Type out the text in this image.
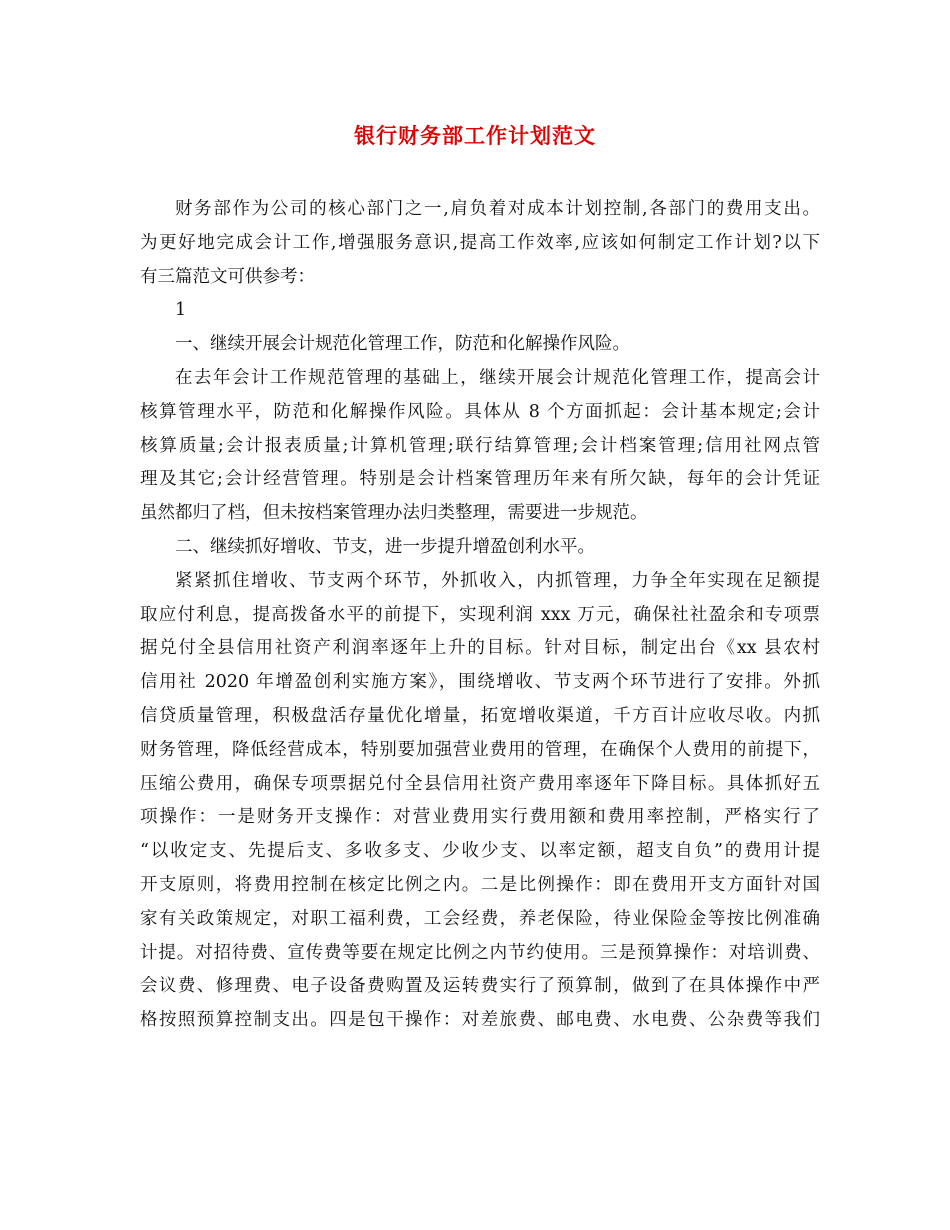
银行财务部工作计划范文
财务部作为公司的核心部门之一,肩负着对成本计划控制,各部门的费用支出。
为更好地完成会计工作,增强服务意识,提高工作效率,应该如何制定工作计划?以下
有三篇范文可供参考：
1
一、继续开展会计规范化管理工作，防范和化解操作风险。
在去年会计工作规范管理的基础上，继续开展会计规范化管理工作，提高会计
核算管理水平，防范和化解操作风险。具体从 8 个方面抓起：会计基本规定;会计
核算质量;会计报表质量;计算机管理;联行结算管理;会计档案管理;信用社网点管
理及其它;会计经营管理。特别是会计档案管理历年来有所欠缺，每年的会计凭证
虽然都归了档，但未按档案管理办法归类整理，需要进一步规范。
二、继续抓好增收、节支，进一步提升增盈创利水平。
紧紧抓住增收、节支两个环节，外抓收入，内抓管理，力争全年实现在足额提
取应付利息，提高拨备水平的前提下，实现利润 xxx 万元，确保社社盈余和专项票
据兑付全县信用社资产利润率逐年上升的目标。针对目标，制定出台《xx 县农村
信用社 2020 年增盈创利实施方案》，围绕增收、节支两个环节进行了安排。外抓
信贷质量管理，积极盘活存量优化增量，拓宽增收渠道，千方百计应收尽收。内抓
财务管理，降低经营成本，特别要加强营业费用的管理，在确保个人费用的前提下，
压缩公费用，确保专项票据兑付全县信用社资产费用率逐年下降目标。具体抓好五
项操作：一是财务开支操作：对营业费用实行费用额和费用率控制，严格实行了
“以收定支、先提后支、多收多支、少收少支、以率定额，超支自负”的费用计提
开支原则，将费用控制在核定比例之内。二是比例操作：即在费用开支方面针对国
家有关政策规定，对职工福利费，工会经费，养老保险，待业保险金等按比例准确
计提。对招待费、宣传费等要在规定比例之内节约使用。三是预算操作：对培训费、
会议费、修理费、电子设备费购置及运转费实行了预算制，做到了在具体操作中严
格按照预算控制支出。四是包干操作：对差旅费、邮电费、水电费、公杂费等我们
